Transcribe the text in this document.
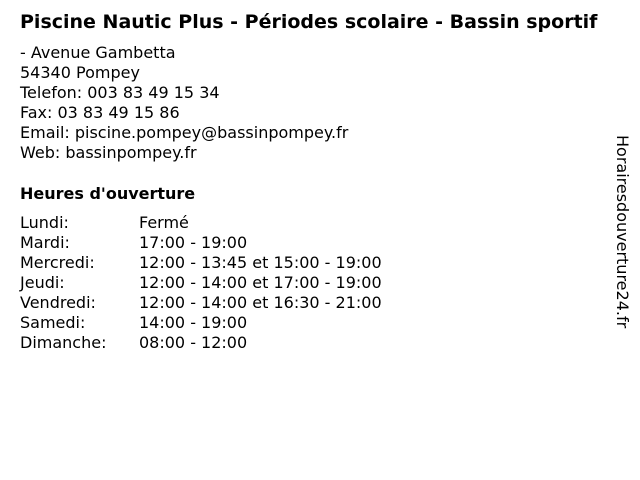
Piscine Nautic Plus - Périodes scolaire - Bassin sportif
- Avenue Gambetta
54340 Pompey
Telefon: 003 83 49 15 34
Fax: 03 83 49 15 86
Email: piscine.pompey@bassinpompey.fr
Web: bassinpompey.fr
Heures d'ouverture
Lundi:	Fermé
Mardi:	17:00 - 19:00
Mercredi:	12:00 - 13:45 et 15:00 - 19:00
Jeudi:	12:00 - 14:00 et 17:00 - 19:00
Vendredi:	12:00 - 14:00 et 16:30 - 21:00
Samedi:	14:00 - 19:00
Dimanche:	08:00 - 12:00
Horairesdouverture24.fr
